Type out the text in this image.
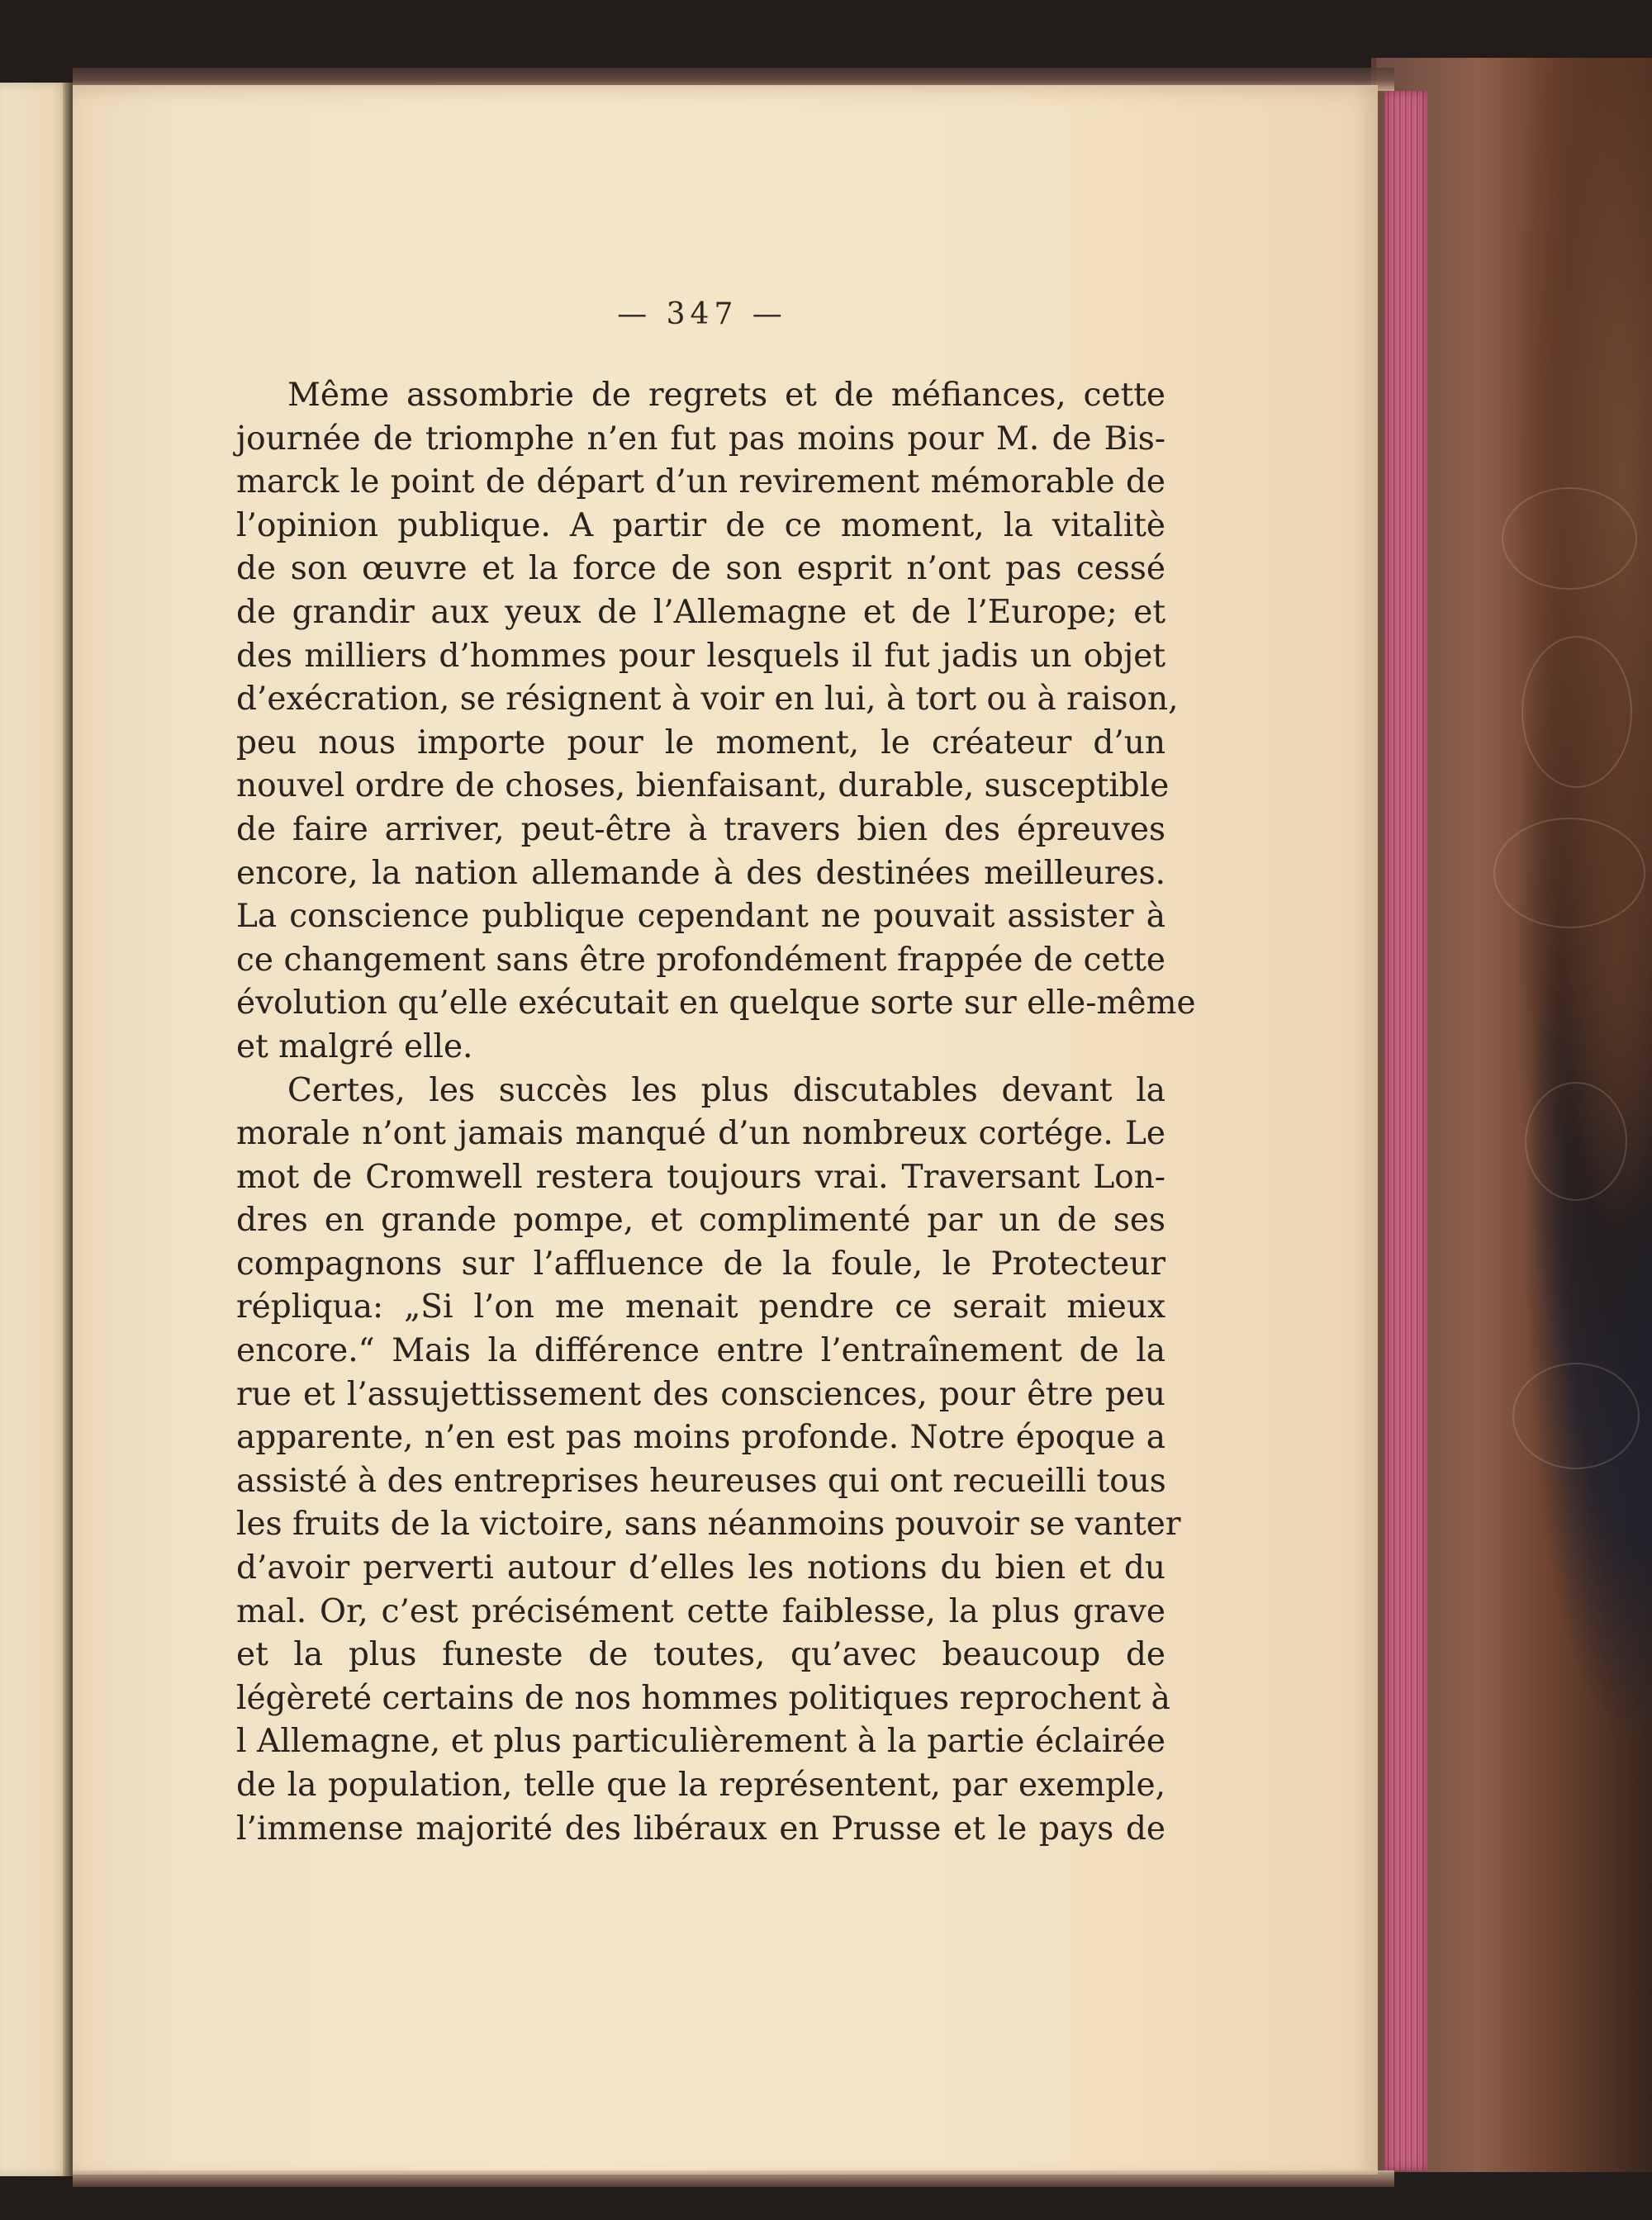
— 347 —
Même assombrie de regrets et de méfiances, cette
journée de triomphe n’en fut pas moins pour M. de Bis-
marck le point de départ d’un revirement mémorable de
l’opinion publique. A partir de ce moment, la vitalitè
de son œuvre et la force de son esprit n’ont pas cessé
de grandir aux yeux de l’Allemagne et de l’Europe; et
des milliers d’hommes pour lesquels il fut jadis un objet
d’exécration, se résignent à voir en lui, à tort ou à raison,
peu nous importe pour le moment, le créateur d’un
nouvel ordre de choses, bienfaisant, durable, susceptible
de faire arriver, peut-être à travers bien des épreuves
encore, la nation allemande à des destinées meilleures.
La conscience publique cependant ne pouvait assister à
ce changement sans être profondément frappée de cette
évolution qu’elle exécutait en quelque sorte sur elle-même
et malgré elle.
Certes, les succès les plus discutables devant la
morale n’ont jamais manqué d’un nombreux cortége. Le
mot de Cromwell restera toujours vrai. Traversant Lon-
dres en grande pompe, et complimenté par un de ses
compagnons sur l’affluence de la foule, le Protecteur
répliqua: „Si l’on me menait pendre ce serait mieux
encore.“ Mais la différence entre l’entraînement de la
rue et l’assujettissement des consciences, pour être peu
apparente, n’en est pas moins profonde. Notre époque a
assisté à des entreprises heureuses qui ont recueilli tous
les fruits de la victoire, sans néanmoins pouvoir se vanter
d’avoir perverti autour d’elles les notions du bien et du
mal. Or, c’est précisément cette faiblesse, la plus grave
et la plus funeste de toutes, qu’avec beaucoup de
légèreté certains de nos hommes politiques reprochent à
l Allemagne, et plus particulièrement à la partie éclairée
de la population, telle que la représentent, par exemple,
l’immense majorité des libéraux en Prusse et le pays de
